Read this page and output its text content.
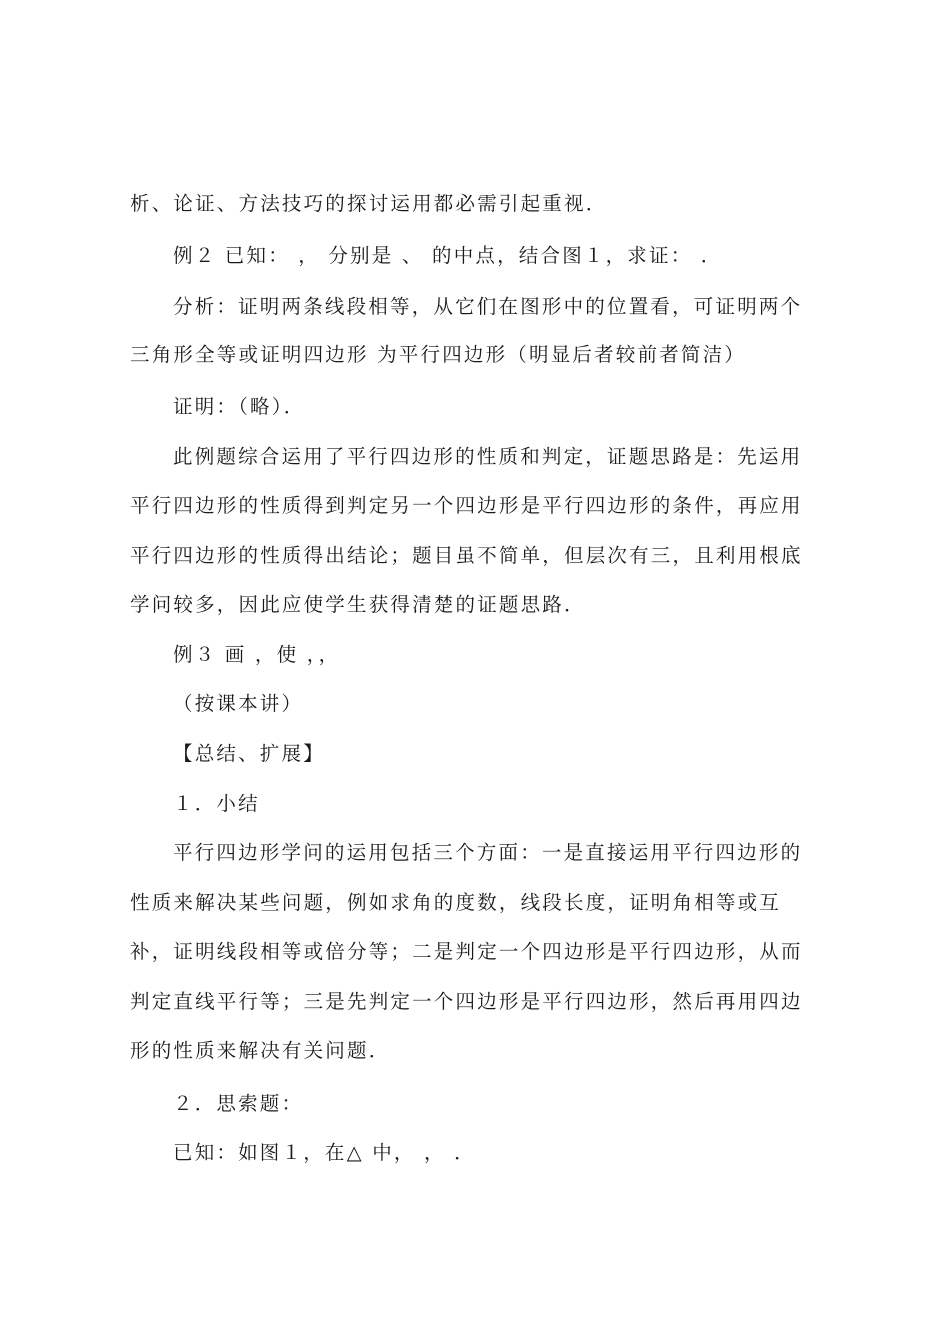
析、论证、方法技巧的探讨运用都必需引起重视．
例２ 已知： ， 分别是 、 的中点，结合图１，求证： ．
分析：证明两条线段相等，从它们在图形中的位置看，可证明两个
三角形全等或证明四边形 为平行四边形（明显后者较前者简洁）
证明：（略）．
此例题综合运用了平行四边形的性质和判定，证题思路是：先运用
平行四边形的性质得到判定另一个四边形是平行四边形的条件，再应用
平行四边形的性质得出结论；题目虽不简单，但层次有三，且利用根底
学问较多，因此应使学生获得清楚的证题思路．
例３ 画 ，使 ，，
（按课本讲）
【总结、扩展】
１．小结
平行四边形学问的运用包括三个方面：一是直接运用平行四边形的
性质来解决某些问题，例如求角的度数，线段长度，证明角相等或互
补，证明线段相等或倍分等；二是判定一个四边形是平行四边形，从而
判定直线平行等；三是先判定一个四边形是平行四边形，然后再用四边
形的性质来解决有关问题．
２．思索题：
已知：如图１，在△ 中， ， ．
